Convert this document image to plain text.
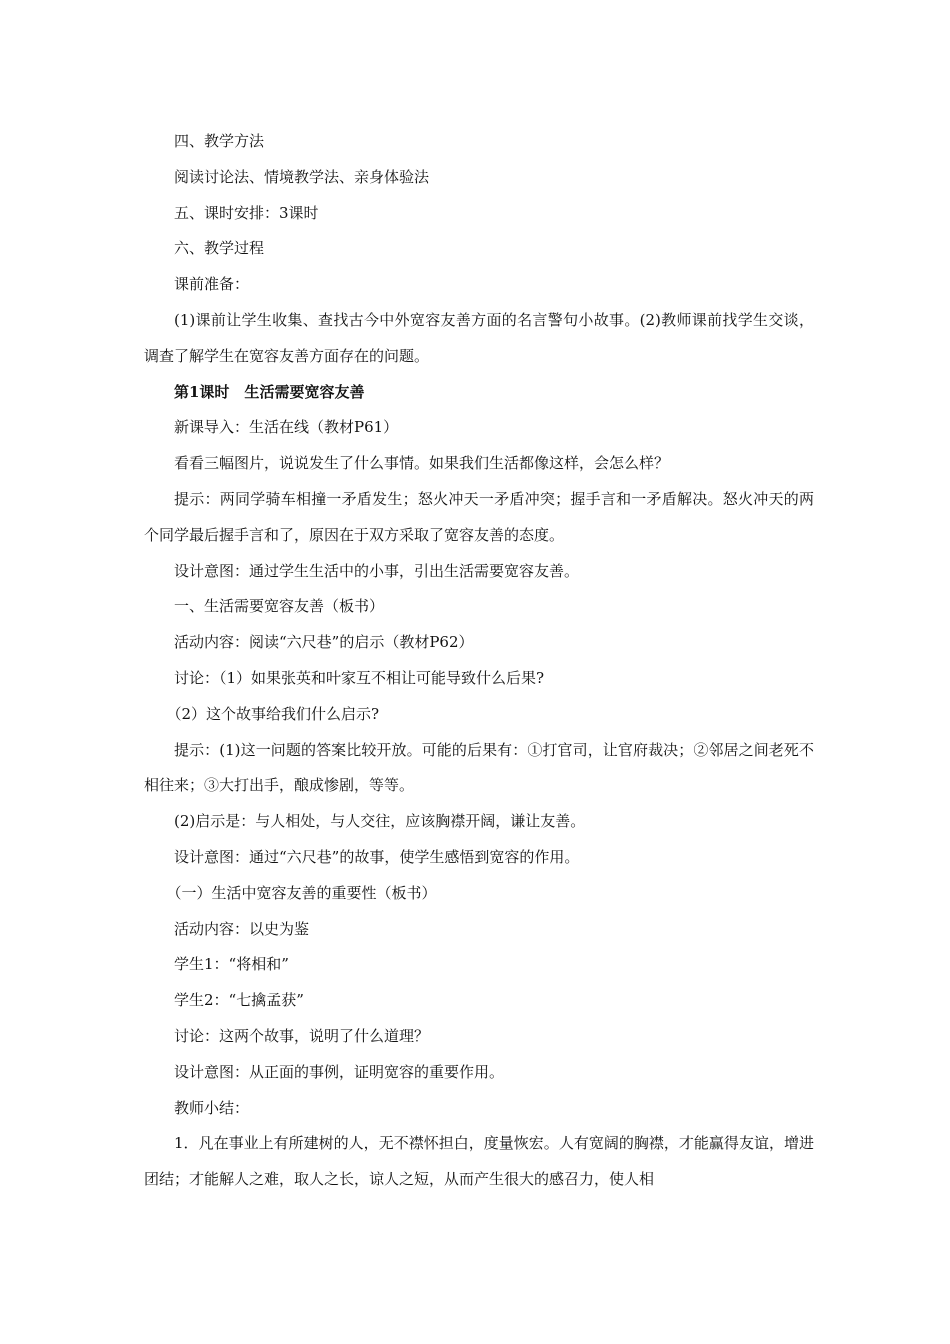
四、教学方法

阅读讨论法、情境教学法、亲身体验法

五、课时安排：3课时

六、教学过程

课前准备：

(1)课前让学生收集、查找古今中外宽容友善方面的名言警句小故事。(2)教师课前找学生交谈，调查了解学生在宽容友善方面存在的问题。

第1课时　生活需要宽容友善

新课导入：生活在线（教材P61）

看看三幅图片，说说发生了什么事情。如果我们生活都像这样，会怎么样？

提示：两同学骑车相撞一矛盾发生；怒火冲天一矛盾冲突；握手言和一矛盾解决。怒火冲天的两个同学最后握手言和了，原因在于双方采取了宽容友善的态度。

设计意图：通过学生生活中的小事，引出生活需要宽容友善。

一、生活需要宽容友善（板书）

活动内容：阅读“六尺巷”的启示（教材P62）

讨论：（1）如果张英和叶家互不相让可能导致什么后果?

（2）这个故事给我们什么启示?

提示：(1)这一问题的答案比较开放。可能的后果有：①打官司，让官府裁决；②邻居之间老死不相往来；③大打出手，酿成惨剧，等等。

(2)启示是：与人相处，与人交往，应该胸襟开阔，谦让友善。

设计意图：通过“六尺巷”的故事，使学生感悟到宽容的作用。

（一）生活中宽容友善的重要性（板书）

活动内容：以史为鉴

学生1：“将相和”

学生2：“七擒孟获”

讨论：这两个故事，说明了什么道理？

设计意图：从正面的事例，证明宽容的重要作用。

教师小结：

1．凡在事业上有所建树的人，无不襟怀担白，度量恢宏。人有宽阔的胸襟，才能赢得友谊，增进团结；才能解人之难，取人之长，谅人之短，从而产生很大的感召力，使人相
